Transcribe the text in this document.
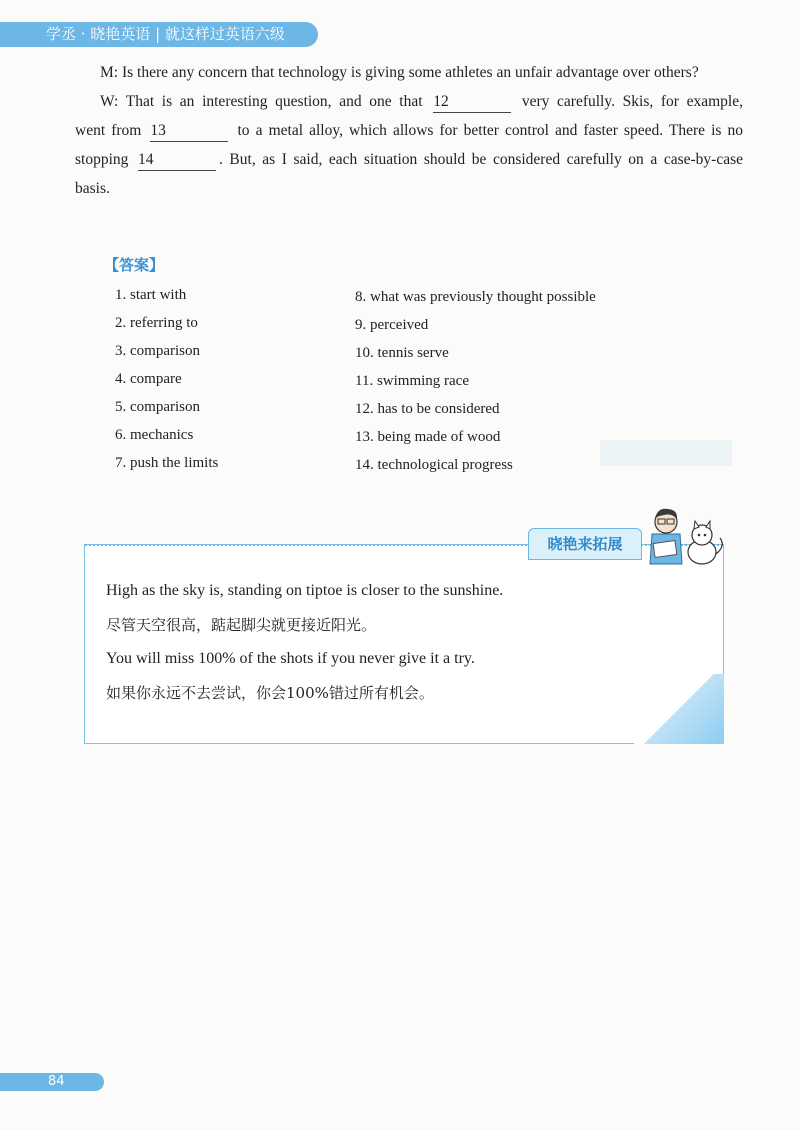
学丞 · 晓艳英语 | 就这样过英语六级

M: Is there any concern that technology is giving some athletes an unfair advantage over others?

W: That is an interesting question, and one that 12	very carefully. Skis, for example,

went from 13	to a metal alloy, which allows for better control and faster speed. There is no

stopping 14	. But, as I said, each situation should be considered carefully on a case-by-case

basis.

【答案】
1. start with
2. referring to
3. comparison
4. compare
5. comparison
6. mechanics
7. push the limits
8. what was previously thought possible
9. perceived
10. tennis serve
11. swimming race
12. has to be considered
13. being made of wood
14. technological progress
晓艳来拓展
High as the sky is, standing on tiptoe is closer to the sunshine.
尽管天空很高，踮起脚尖就更接近阳光。
You will miss 100% of the shots if you never give it a try.
如果你永远不去尝试，你会100%错过所有机会。
84
